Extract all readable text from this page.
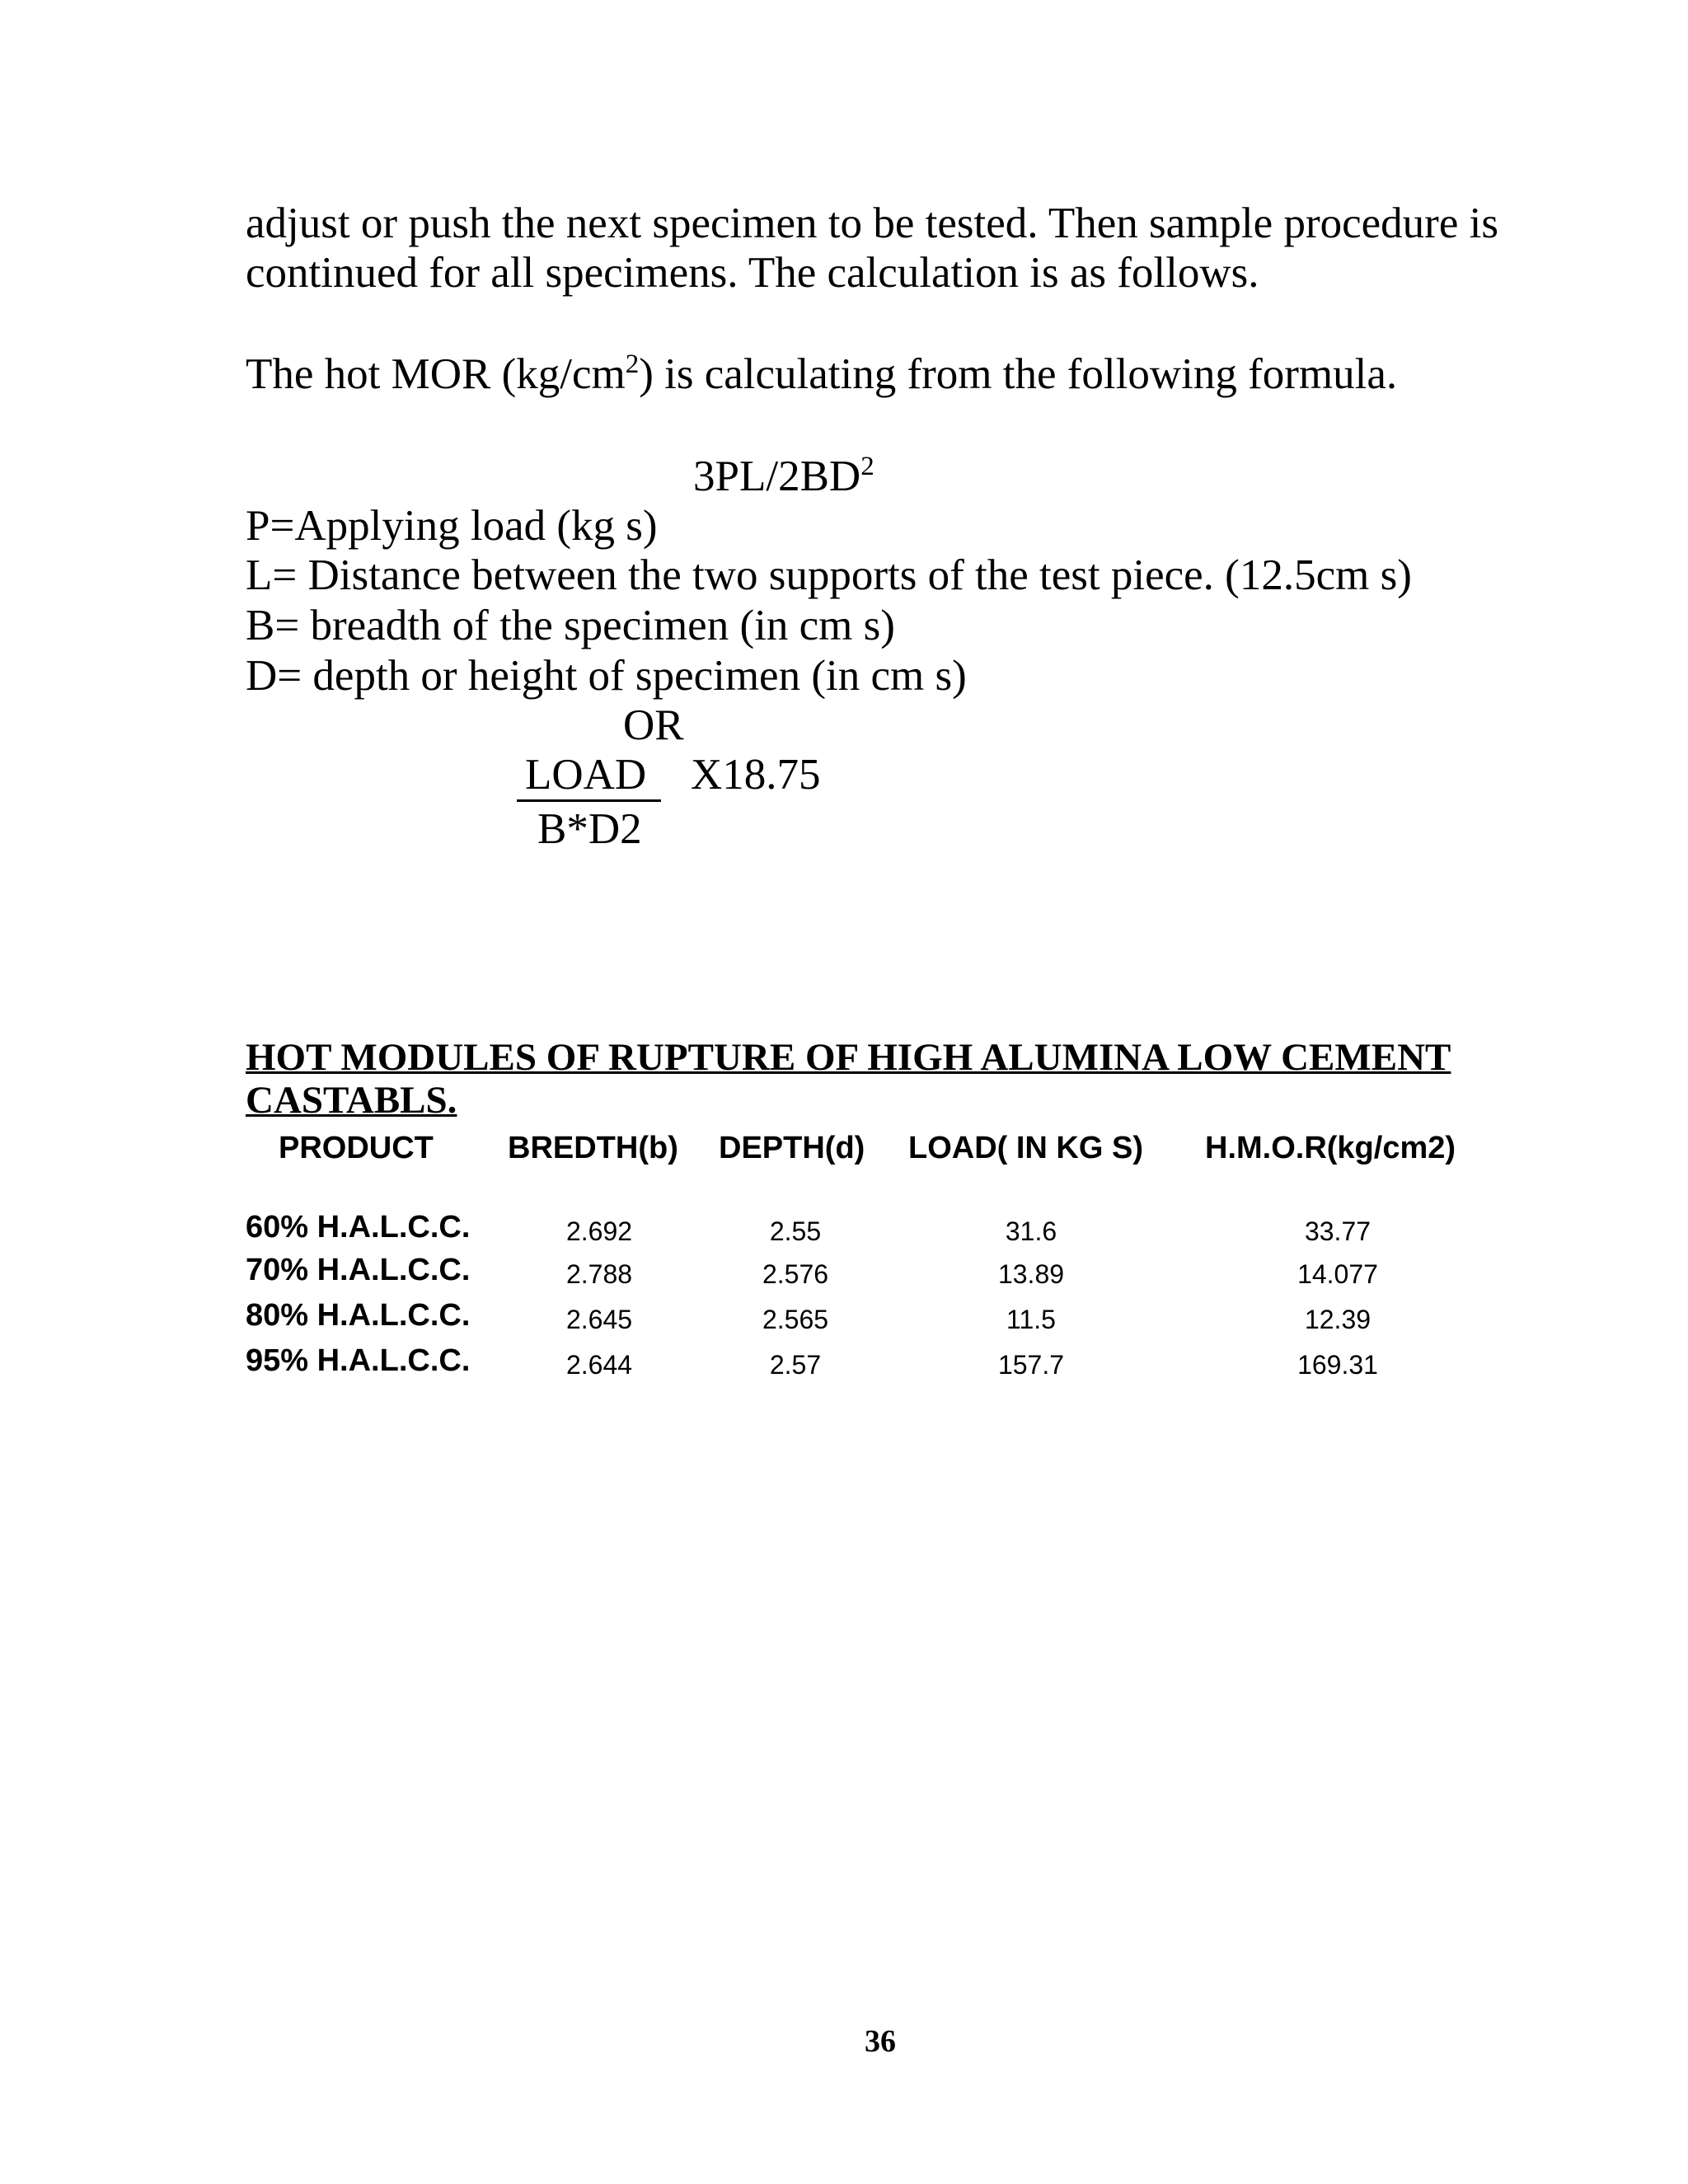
adjust or push the next specimen to be tested. Then sample procedure is
continued for all specimens. The calculation is as follows.
The hot MOR $(kg/cm^2)$ is calculating from the following formula.
$3PL/2BD^2$
P=Applying load (kg s)
L= Distance between the two supports of the test piece. (12.5cm s)
B= breadth of the specimen (in cm s)
D= depth or height of specimen (in cm s)
OR
LOAD X18.75
B*D2
HOT MODULES OF RUPTURE OF HIGH ALUMINA LOW CEMENT
CASTABLS.
PRODUCT BREDTH(b) DEPTH(d) LOAD( IN KG S) H.M.O.R(kg/cm2)
60% H.A.L.C.C.	2.692	2.55	31.6	33.77
70% H.A.L.C.C.	2.788	2.576	13.89	14.077
80% H.A.L.C.C.	2.645	2.565	11.5	12.39
95% H.A.L.C.C.	2.644	2.57	157.7	169.31
36
